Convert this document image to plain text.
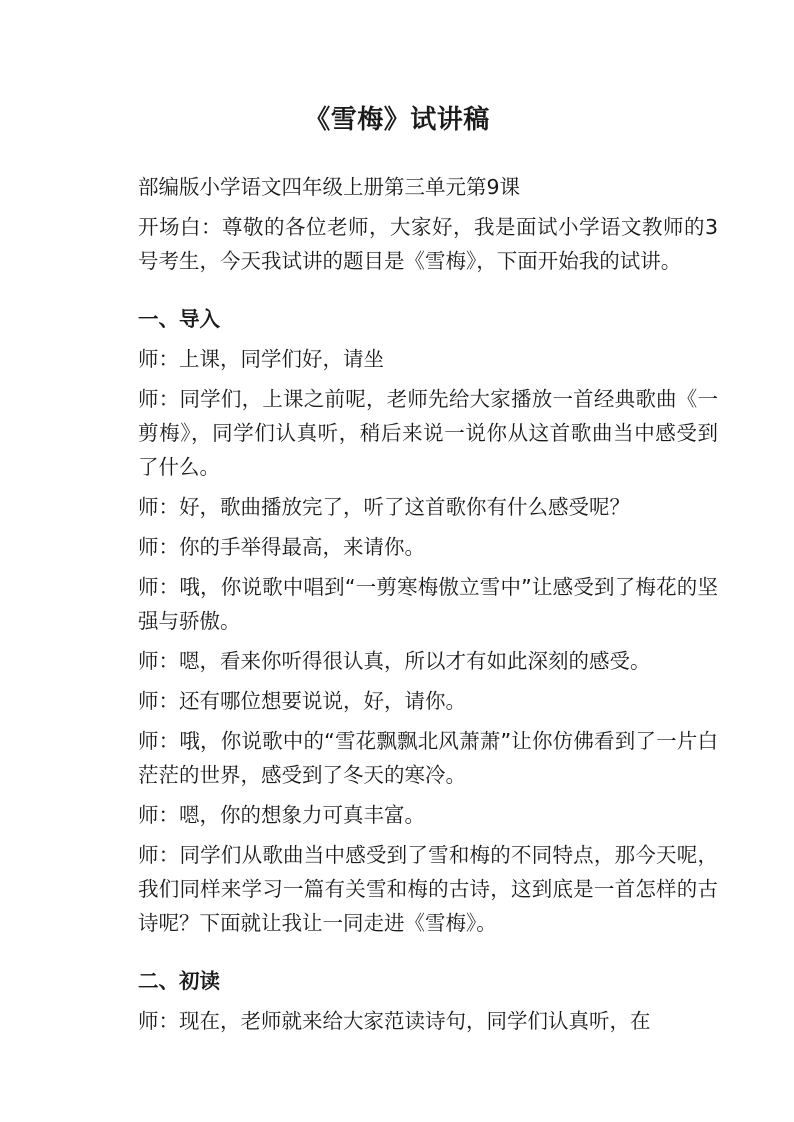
《雪梅》试讲稿

部编版小学语文四年级上册第三单元第9课

开场白：尊敬的各位老师，大家好，我是面试小学语文教师的3号考生，今天我试讲的题目是《雪梅》，下面开始我的试讲。

一、导入

师：上课，同学们好，请坐

师：同学们，上课之前呢，老师先给大家播放一首经典歌曲《一剪梅》，同学们认真听，稍后来说一说你从这首歌曲当中感受到了什么。

师：好，歌曲播放完了，听了这首歌你有什么感受呢？

师：你的手举得最高，来请你。

师：哦，你说歌中唱到“一剪寒梅傲立雪中”让感受到了梅花的坚强与骄傲。

师：嗯，看来你听得很认真，所以才有如此深刻的感受。

师：还有哪位想要说说，好，请你。

师：哦，你说歌中的“雪花飘飘北风萧萧”让你仿佛看到了一片白茫茫的世界，感受到了冬天的寒冷。

师：嗯，你的想象力可真丰富。

师：同学们从歌曲当中感受到了雪和梅的不同特点，那今天呢，我们同样来学习一篇有关雪和梅的古诗，这到底是一首怎样的古诗呢？下面就让我让一同走进《雪梅》。

二、初读

师：现在，老师就来给大家范读诗句，同学们认真听，在
